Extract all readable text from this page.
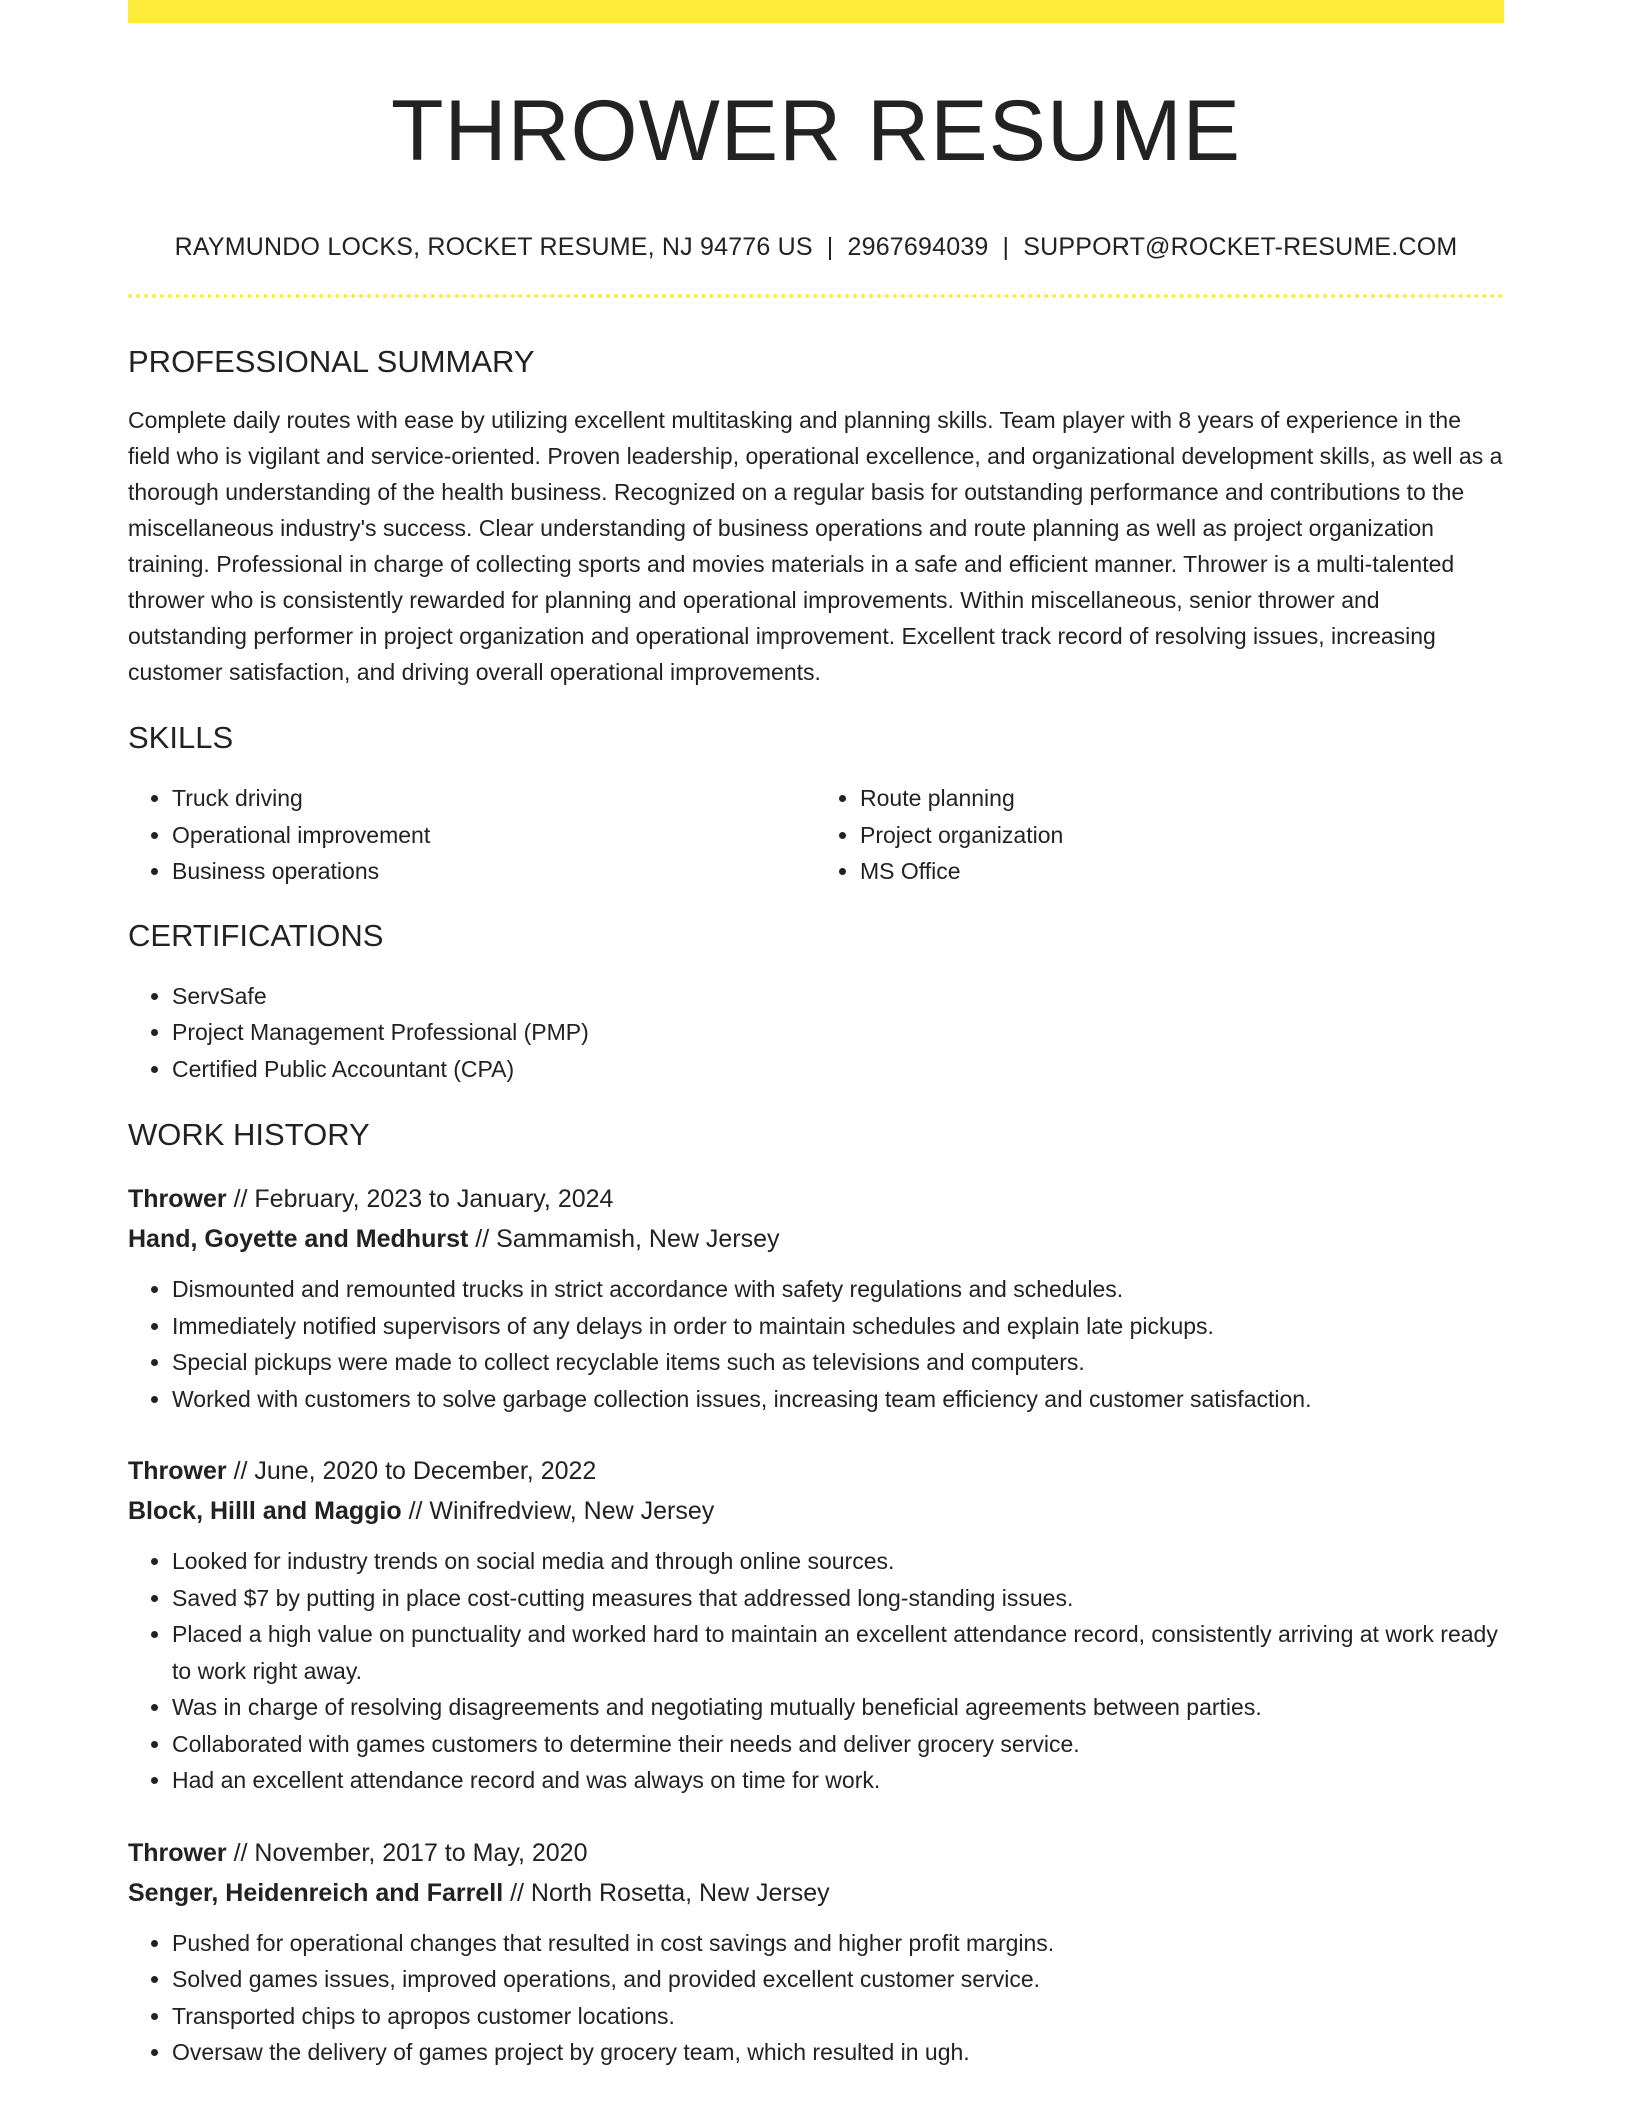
THROWER RESUME
RAYMUNDO LOCKS, ROCKET RESUME, NJ 94776 US | 2967694039 | SUPPORT@ROCKET-RESUME.COM
PROFESSIONAL SUMMARY

Complete daily routes with ease by utilizing excellent multitasking and planning skills. Team player with 8 years of experience in the field who is vigilant and service-oriented. Proven leadership, operational excellence, and organizational development skills, as well as a thorough understanding of the health business. Recognized on a regular basis for outstanding performance and contributions to the miscellaneous industry's success. Clear understanding of business operations and route planning as well as project organization training. Professional in charge of collecting sports and movies materials in a safe and efficient manner. Thrower is a multi-talented thrower who is consistently rewarded for planning and operational improvements. Within miscellaneous, senior thrower and outstanding performer in project organization and operational improvement. Excellent track record of resolving issues, increasing customer satisfaction, and driving overall operational improvements.

SKILLS
• Truck driving
• Operational improvement
• Business operations
• Route planning
• Project organization
• MS Office
CERTIFICATIONS
• ServSafe
• Project Management Professional (PMP)
• Certified Public Accountant (CPA)
WORK HISTORY
Thrower // February, 2023 to January, 2024
Hand, Goyette and Medhurst // Sammamish, New Jersey
• Dismounted and remounted trucks in strict accordance with safety regulations and schedules.
• Immediately notified supervisors of any delays in order to maintain schedules and explain late pickups.
• Special pickups were made to collect recyclable items such as televisions and computers.
• Worked with customers to solve garbage collection issues, increasing team efficiency and customer satisfaction.
Thrower // June, 2020 to December, 2022
Block, Hilll and Maggio // Winifredview, New Jersey
• Looked for industry trends on social media and through online sources.
• Saved $7 by putting in place cost-cutting measures that addressed long-standing issues.
• Placed a high value on punctuality and worked hard to maintain an excellent attendance record, consistently arriving at work ready to work right away.
• Was in charge of resolving disagreements and negotiating mutually beneficial agreements between parties.
• Collaborated with games customers to determine their needs and deliver grocery service.
• Had an excellent attendance record and was always on time for work.
Thrower // November, 2017 to May, 2020
Senger, Heidenreich and Farrell // North Rosetta, New Jersey
• Pushed for operational changes that resulted in cost savings and higher profit margins.
• Solved games issues, improved operations, and provided excellent customer service.
• Transported chips to apropos customer locations.
• Oversaw the delivery of games project by grocery team, which resulted in ugh.
